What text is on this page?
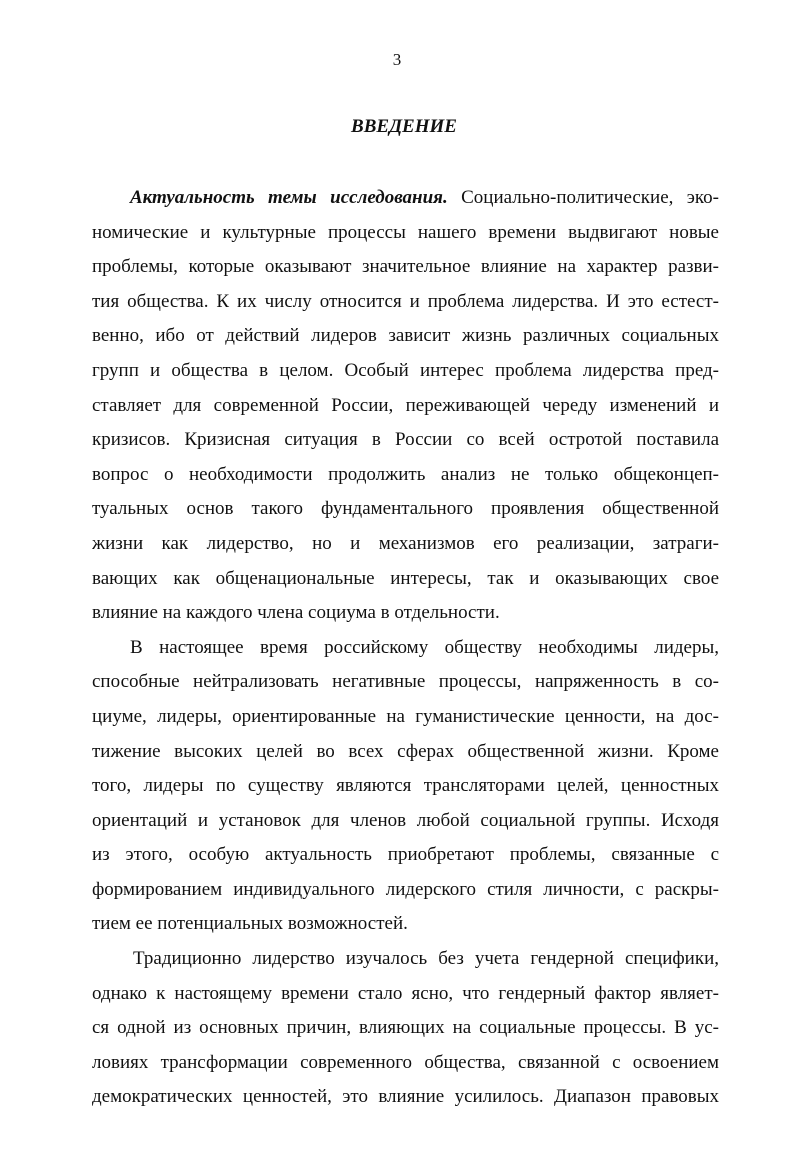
3
ВВЕДЕНИЕ
Актуальность темы исследования. Социально-политические, эко-
номические и культурные процессы нашего времени выдвигают новые
проблемы, которые оказывают значительное влияние на характер разви-
тия общества. К их числу относится и проблема лидерства. И это естест-
венно, ибо от действий лидеров зависит жизнь различных социальных
групп и общества в целом. Особый интерес проблема лидерства пред-
ставляет для современной России, переживающей череду изменений и
кризисов. Кризисная ситуация в России со всей остротой поставила
вопрос о необходимости продолжить анализ не только общеконцеп-
туальных основ такого фундаментального проявления общественной
жизни как лидерство, но и механизмов его реализации, затраги-
вающих как общенациональные интересы, так и оказывающих свое
влияние на каждого члена социума в отдельности.
В настоящее время российскому обществу необходимы лидеры,
способные нейтрализовать негативные процессы, напряженность в со-
циуме, лидеры, ориентированные на гуманистические ценности, на дос-
тижение высоких целей во всех сферах общественной жизни. Кроме
того, лидеры по существу являются трансляторами целей, ценностных
ориентаций и установок для членов любой социальной группы. Исходя
из этого, особую актуальность приобретают проблемы, связанные с
формированием индивидуального лидерского стиля личности, с раскры-
тием ее потенциальных возможностей.
Традиционно лидерство изучалось без учета гендерной специфики,
однако к настоящему времени стало ясно, что гендерный фактор являет-
ся одной из основных причин, влияющих на социальные процессы. В ус-
ловиях трансформации современного общества, связанной с освоением
демократических ценностей, это влияние усилилось. Диапазон правовых
